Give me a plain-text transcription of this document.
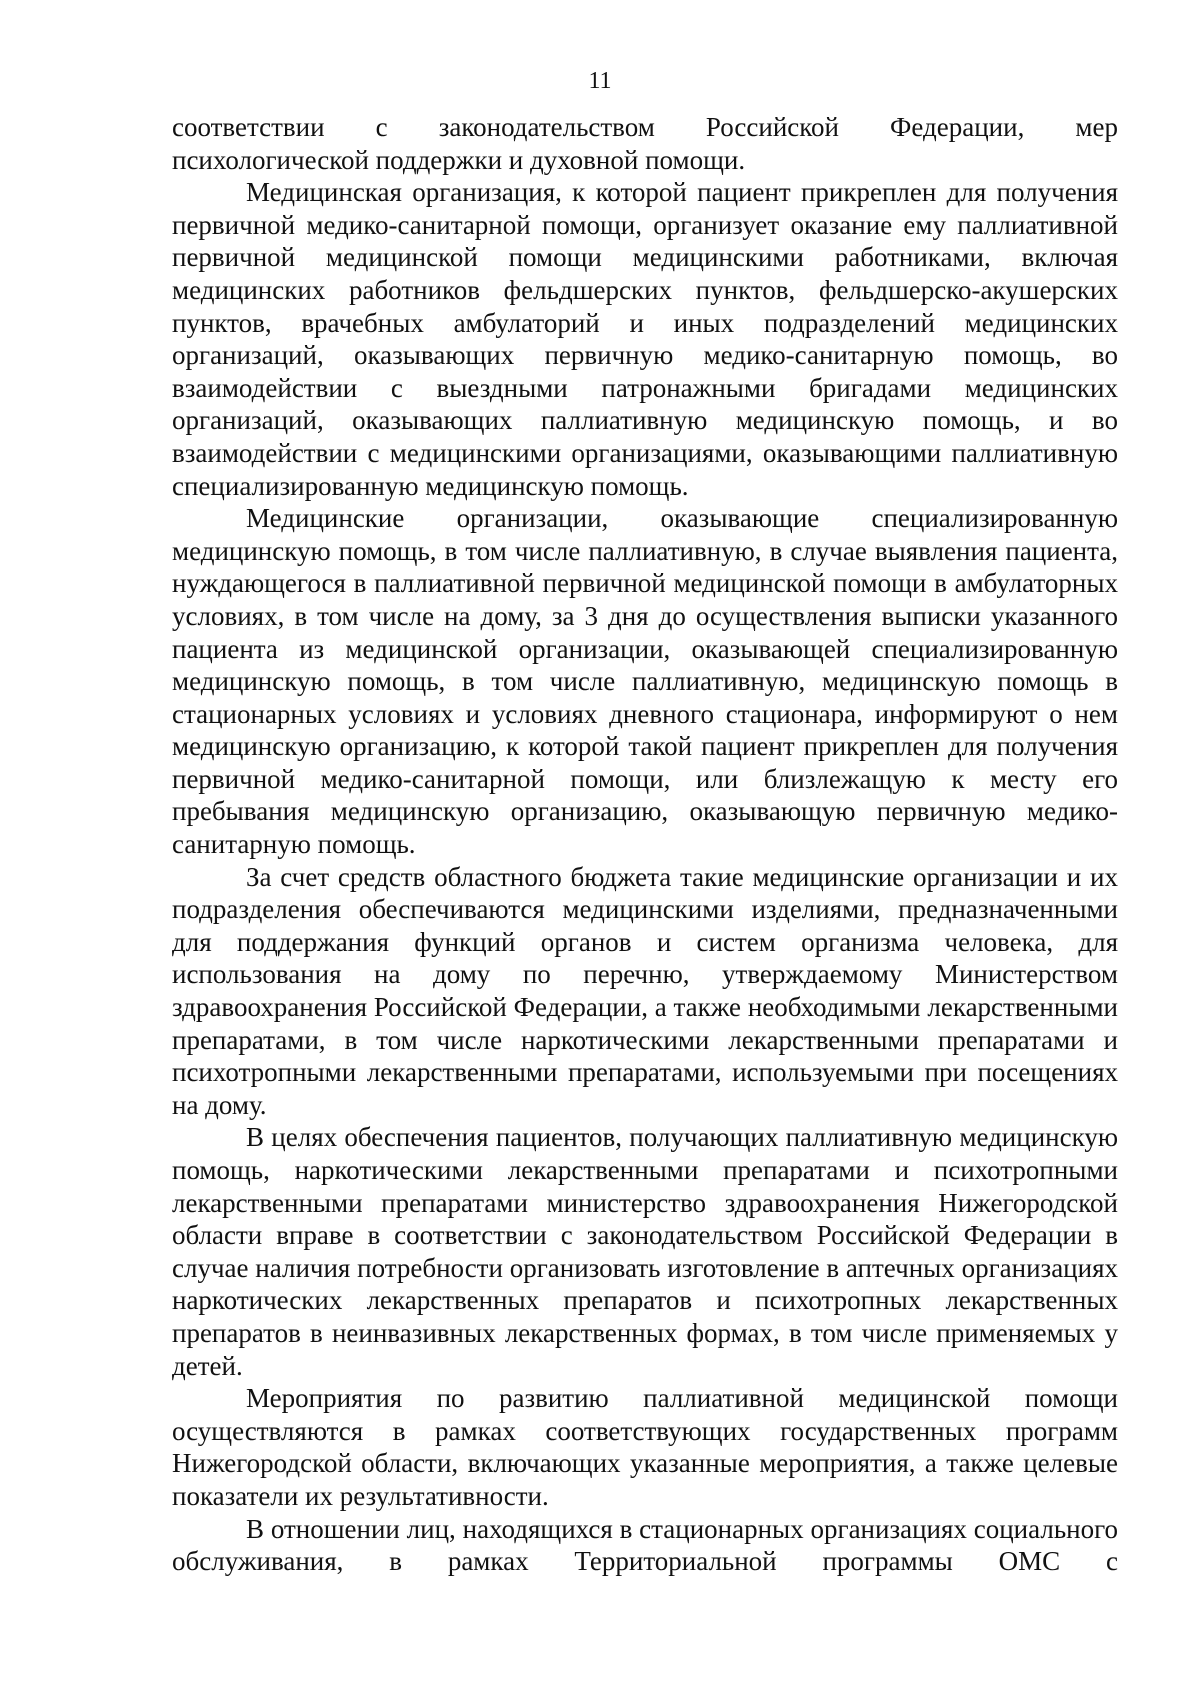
11

соответствии с законодательством Российской Федерации, мер
психологической поддержки и духовной помощи.

Медицинская организация, к которой пациент прикреплен для получения первичной медико-санитарной помощи, организует оказание ему паллиативной первичной медицинской помощи медицинскими работниками, включая медицинских работников фельдшерских пунктов, фельдшерско-акушерских пунктов, врачебных амбулаторий и иных подразделений медицинских организаций, оказывающих первичную медико-санитарную помощь, во взаимодействии с выездными патронажными бригадами медицинских организаций, оказывающих паллиативную медицинскую помощь, и во взаимодействии с медицинскими организациями, оказывающими паллиативную специализированную медицинскую помощь.

Медицинские организации, оказывающие специализированную медицинскую помощь, в том числе паллиативную, в случае выявления пациента, нуждающегося в паллиативной первичной медицинской помощи в амбулаторных условиях, в том числе на дому, за 3 дня до осуществления выписки указанного пациента из медицинской организации, оказывающей специализированную медицинскую помощь, в том числе паллиативную, медицинскую помощь в стационарных условиях и условиях дневного стационара, информируют о нем медицинскую организацию, к которой такой пациент прикреплен для получения первичной медико-санитарной помощи, или близлежащую к месту его пребывания медицинскую организацию, оказывающую первичную медико-санитарную помощь.

За счет средств областного бюджета такие медицинские организации и их подразделения обеспечиваются медицинскими изделиями, предназначенными для поддержания функций органов и систем организма человека, для использования на дому по перечню, утверждаемому Министерством здравоохранения Российской Федерации, а также необходимыми лекарственными препаратами, в том числе наркотическими лекарственными препаратами и психотропными лекарственными препаратами, используемыми при посещениях на дому.

В целях обеспечения пациентов, получающих паллиативную медицинскую помощь, наркотическими лекарственными препаратами и психотропными лекарственными препаратами министерство здравоохранения Нижегородской области вправе в соответствии с законодательством Российской Федерации в случае наличия потребности организовать изготовление в аптечных организациях наркотических лекарственных препаратов и психотропных лекарственных препаратов в неинвазивных лекарственных формах, в том числе применяемых у детей.

Мероприятия по развитию паллиативной медицинской помощи осуществляются в рамках соответствующих государственных программ Нижегородской области, включающих указанные мероприятия, а также целевые показатели их результативности.

В отношении лиц, находящихся в стационарных организациях социального обслуживания, в рамках Территориальной программы ОМС с
